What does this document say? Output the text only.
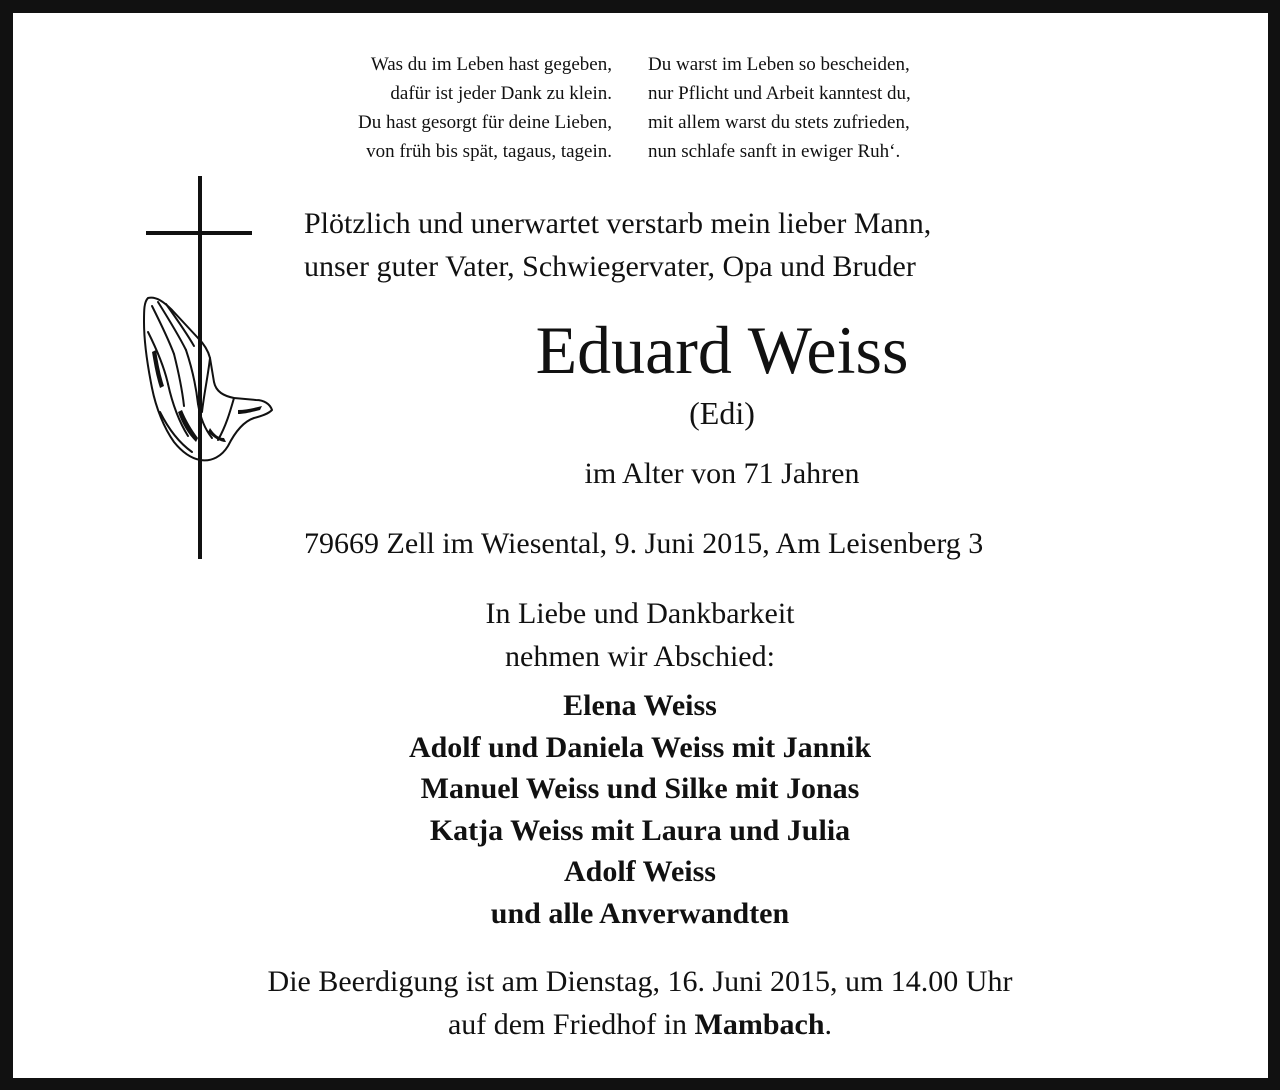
Was du im Leben hast gegeben,
dafür ist jeder Dank zu klein.
Du hast gesorgt für deine Lieben,
von früh bis spät, tagaus, tagein.
Du warst im Leben so bescheiden,
nur Pflicht und Arbeit kanntest du,
mit allem warst du stets zufrieden,
nun schlafe sanft in ewiger Ruh‘.
Plötzlich und unerwartet verstarb mein lieber Mann,
unser guter Vater, Schwiegervater, Opa und Bruder
Eduard Weiss
(Edi)
im Alter von 71 Jahren
79669 Zell im Wiesental, 9. Juni 2015, Am Leisenberg 3
In Liebe und Dankbarkeit
nehmen wir Abschied:
Elena Weiss
Adolf und Daniela Weiss mit Jannik
Manuel Weiss und Silke mit Jonas
Katja Weiss mit Laura und Julia
Adolf Weiss
und alle Anverwandten
Die Beerdigung ist am Dienstag, 16. Juni 2015, um 14.00 Uhr
auf dem Friedhof in Mambach.
